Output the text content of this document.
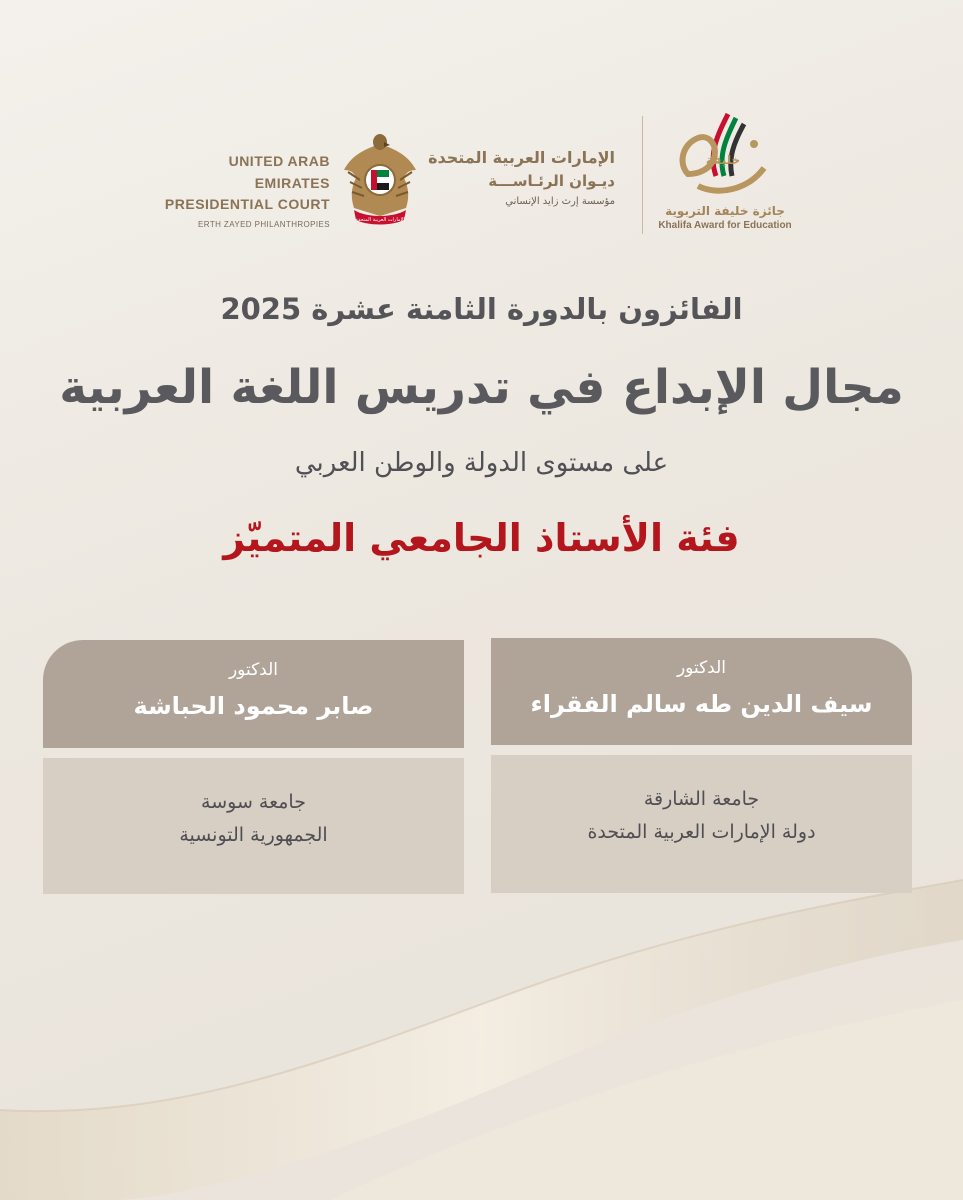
UNITED ARAB EMIRATES
PRESIDENTIAL COURT
ERTH ZAYED PHILANTHROPIES	الإمارات العربية المتحدة
الإمارات العربية المتحدة
ديـوان الرئـاســـة
مؤسسة إرث زايد الإنساني
خليفة
جائزة خليفة التربوية
Khalifa Award for Education
الفائزون بالدورة الثامنة عشرة 2025
مجال الإبداع في تدريس اللغة العربية
على مستوى الدولة والوطن العربي
فئة الأستاذ الجامعي المتميّز
الدكتور
سيف الدين طه سالم الفقراء
جامعة الشارقة
دولة الإمارات العربية المتحدة
الدكتور
صابر محمود الحباشة
جامعة سوسة
الجمهورية التونسية
